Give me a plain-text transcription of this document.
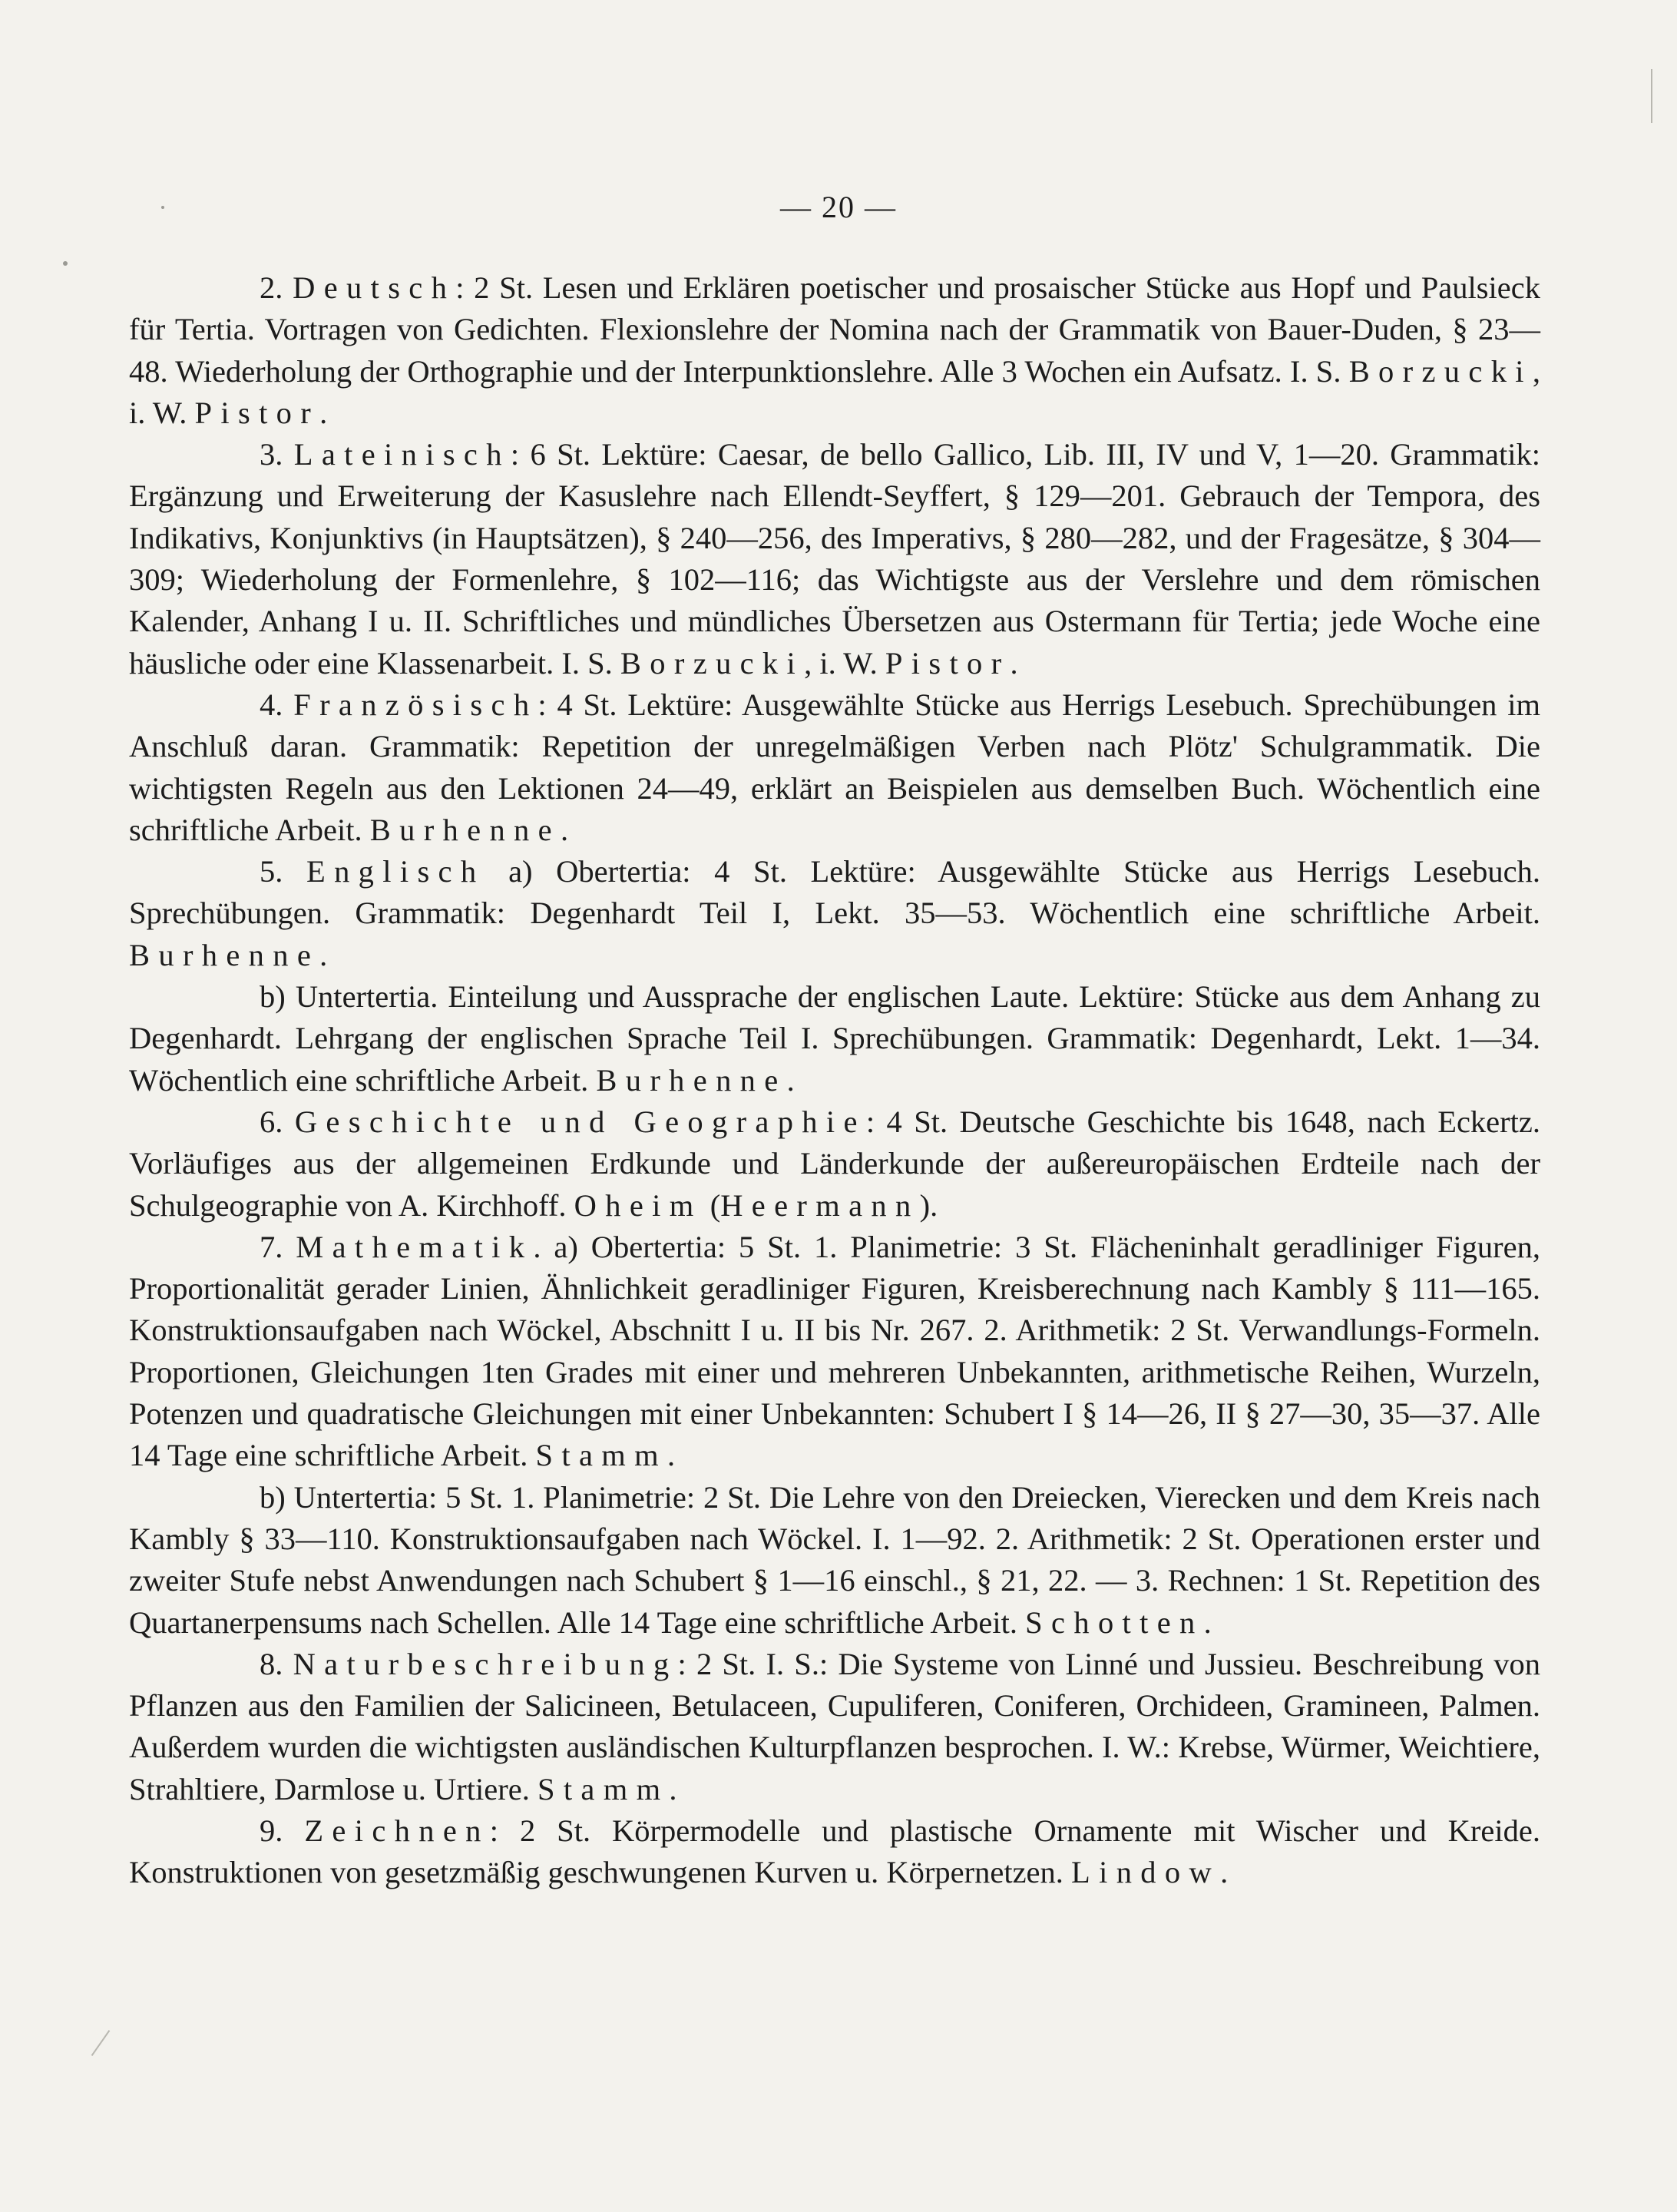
— 20 —

2. Deutsch: 2 St. Lesen und Erklären poetischer und prosaischer Stücke aus Hopf und Paulsieck für Tertia. Vortragen von Gedichten. Flexionslehre der Nomina nach der Grammatik von Bauer-Duden, § 23—48. Wiederholung der Orthographie und der Interpunktionslehre. Alle 3 Wochen ein Aufsatz. I. S. Borzucki, i. W. Pistor.

3. Lateinisch: 6 St. Lektüre: Caesar, de bello Gallico, Lib. III, IV und V, 1—20. Grammatik: Ergänzung und Erweiterung der Kasuslehre nach Ellendt-Seyffert, § 129—201. Gebrauch der Tempora, des Indikativs, Konjunktivs (in Hauptsätzen), § 240—256, des Imperativs, § 280—282, und der Fragesätze, § 304—309; Wiederholung der Formenlehre, § 102—116; das Wichtigste aus der Verslehre und dem römischen Kalender, Anhang I u. II. Schriftliches und mündliches Übersetzen aus Ostermann für Tertia; jede Woche eine häusliche oder eine Klassenarbeit. I. S. Borzucki, i. W. Pistor.

4. Französisch: 4 St. Lektüre: Ausgewählte Stücke aus Herrigs Lesebuch. Sprechübungen im Anschluß daran. Grammatik: Repetition der unregelmäßigen Verben nach Plötz' Schulgrammatik. Die wichtigsten Regeln aus den Lektionen 24—49, erklärt an Beispielen aus demselben Buch. Wöchentlich eine schriftliche Arbeit. Burhenne.

5. Englisch a) Obertertia: 4 St. Lektüre: Ausgewählte Stücke aus Herrigs Lesebuch. Sprechübungen. Grammatik: Degenhardt Teil I, Lekt. 35—53. Wöchentlich eine schriftliche Arbeit. Burhenne.

b) Untertertia. Einteilung und Aussprache der englischen Laute. Lektüre: Stücke aus dem Anhang zu Degenhardt. Lehrgang der englischen Sprache Teil I. Sprechübungen. Grammatik: Degenhardt, Lekt. 1—34. Wöchentlich eine schriftliche Arbeit. Burhenne.

6. Geschichte und Geographie: 4 St. Deutsche Geschichte bis 1648, nach Eckertz. Vorläufiges aus der allgemeinen Erdkunde und Länderkunde der außereuropäischen Erdteile nach der Schulgeographie von A. Kirchhoff. Oheim (Heermann).

7. Mathematik. a) Obertertia: 5 St. 1. Planimetrie: 3 St. Flächeninhalt geradliniger Figuren, Proportionalität gerader Linien, Ähnlichkeit geradliniger Figuren, Kreisberechnung nach Kambly § 111—165. Konstruktionsaufgaben nach Wöckel, Abschnitt I u. II bis Nr. 267. 2. Arithmetik: 2 St. Verwandlungs-Formeln. Proportionen, Gleichungen 1ten Grades mit einer und mehreren Unbekannten, arithmetische Reihen, Wurzeln, Potenzen und quadratische Gleichungen mit einer Unbekannten: Schubert I § 14—26, II § 27—30, 35—37. Alle 14 Tage eine schriftliche Arbeit. Stamm.

b) Untertertia: 5 St. 1. Planimetrie: 2 St. Die Lehre von den Dreiecken, Vierecken und dem Kreis nach Kambly § 33—110. Konstruktionsaufgaben nach Wöckel. I. 1—92. 2. Arithmetik: 2 St. Operationen erster und zweiter Stufe nebst Anwendungen nach Schubert § 1—16 einschl., § 21, 22. — 3. Rechnen: 1 St. Repetition des Quartanerpensums nach Schellen. Alle 14 Tage eine schriftliche Arbeit. Schotten.

8. Naturbeschreibung: 2 St. I. S.: Die Systeme von Linné und Jussieu. Beschreibung von Pflanzen aus den Familien der Salicineen, Betulaceen, Cupuliferen, Coniferen, Orchideen, Gramineen, Palmen. Außerdem wurden die wichtigsten ausländischen Kulturpflanzen besprochen. I. W.: Krebse, Würmer, Weichtiere, Strahltiere, Darmlose u. Urtiere. Stamm.

9. Zeichnen: 2 St. Körpermodelle und plastische Ornamente mit Wischer und Kreide. Konstruktionen von gesetzmäßig geschwungenen Kurven u. Körpernetzen. Lindow.
